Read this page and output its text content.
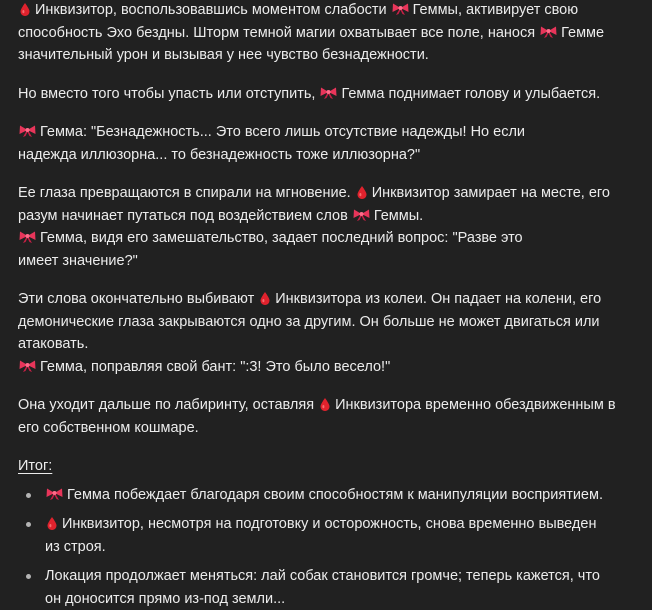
Инквизитор, воспользовавшись моментом слабости Геммы, активирует свою способность Эхо бездны. Шторм темной магии охватывает все поле, нанося Гемме значительный урон и вызывая у нее чувство безнадежности.

Но вместо того чтобы упасть или отступить, Гемма поднимает голову и улыбается.

Гемма: "Безнадежность... Это всего лишь отсутствие надежды! Но если надежда иллюзорна... то безнадежность тоже иллюзорна?"

Ее глаза превращаются в спирали на мгновение. Инквизитор замирает на месте, его разум начинает путаться под воздействием слов Геммы.
Гемма, видя его замешательство, задает последний вопрос: "Разве это имеет значение?"

Эти слова окончательно выбивают Инквизитора из колеи. Он падает на колени, его демонические глаза закрываются одно за другим. Он больше не может двигаться или атаковать.
Гемма, поправляя свой бант: ":3! Это было весело!"

Она уходит дальше по лабиринту, оставляя Инквизитора временно обездвиженным в его собственном кошмаре.

Итог:

Гемма побеждает благодаря своим способностям к манипуляции восприятием.
Инквизитор, несмотря на подготовку и осторожность, снова временно выведен из строя.
Локация продолжает меняться: лай собак становится громче; теперь кажется, что он доносится прямо из-под земли...
